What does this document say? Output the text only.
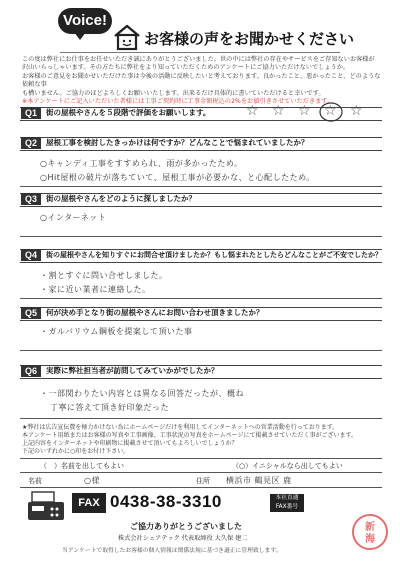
Voice!
お客様の声をお聞かせください
この度は弊社にお仕事をお任せいただき誠にありがとうございました。世の中には弊社の存在やサービスをご存知ないお客様が
沢山いらっしゃいます。その方たちに弊社をより知っていただくためのアンケートにご協力いただけないでしょうか。
お客様のご意見をお聞かせいただけた事は今後の活動に反映したいと考えております。良かったこと、悪かったこと、どのような依頼な事
も構いません。ご協力のほどよろしくお願いいたします。出来るだけ具体的に書いていただけると幸いです。
※本アンケートにご記入いただいた者様には工事ご契約時に工事金額税込の2%をお値引きさせていただきます。
Q1	街の屋根やさんを５段階で評価をお願いします。	☆ ☆ ☆ ☆ ☆
Q2	屋根工事を検討したきっかけは何ですか？どんなことで悩まれていましたか？
○キャンディ工事をすすめられ、雨が多かったため。
○Hit屋根の破片が落ちていて、屋根工事が必要かな、と心配したため。
Q3	街の屋根やさんをどのように探しましたか？
○インターネット
Q4	街の屋根やさんを知りすぐにお問合せ頂けましたか？もし悩まれたとしたらどんなことがご不安でしたか？
・割とすぐに問い合せしました。
・家に近い業者に連絡した。
Q5	何が決め手となり街の屋根やさんにお問い合わせ頂きましたか？
・ガルバリウム鋼板を提案して頂いた事
Q6	実際に弊社担当者が訪問してみていかがでしたか？
・一部関わりたい内容とは異なる回答だったが、概ね
丁寧に答えて頂き好印象だった
★弊社は広告宣伝費を極力かけない為にホームページだけを利用してインターネットへの営業活動を行っております。
本アンケート用紙またはお客様の写真や工事画像、工事状況の写真をホームページにて掲載させていただく事がございます。
上記内容をインターネットや印刷物に掲載させて頂いてもよろしいでしょうか？
下記のいずれかに○印をお付け下さい。
（　）名前を出してもよい	（○）イニシャルなら出してもよい
名前	○様	住所 横浜市 鶴見区 鹿
FAX 0438-38-3310	本社直通
FAX番号
ご協力ありがとうございました
株式会社シェアテック 代表取締役 大久保 建二
当アンケートで取得したお客様の個人情報は関係法規に基づき適正に管理致します。
新
海
